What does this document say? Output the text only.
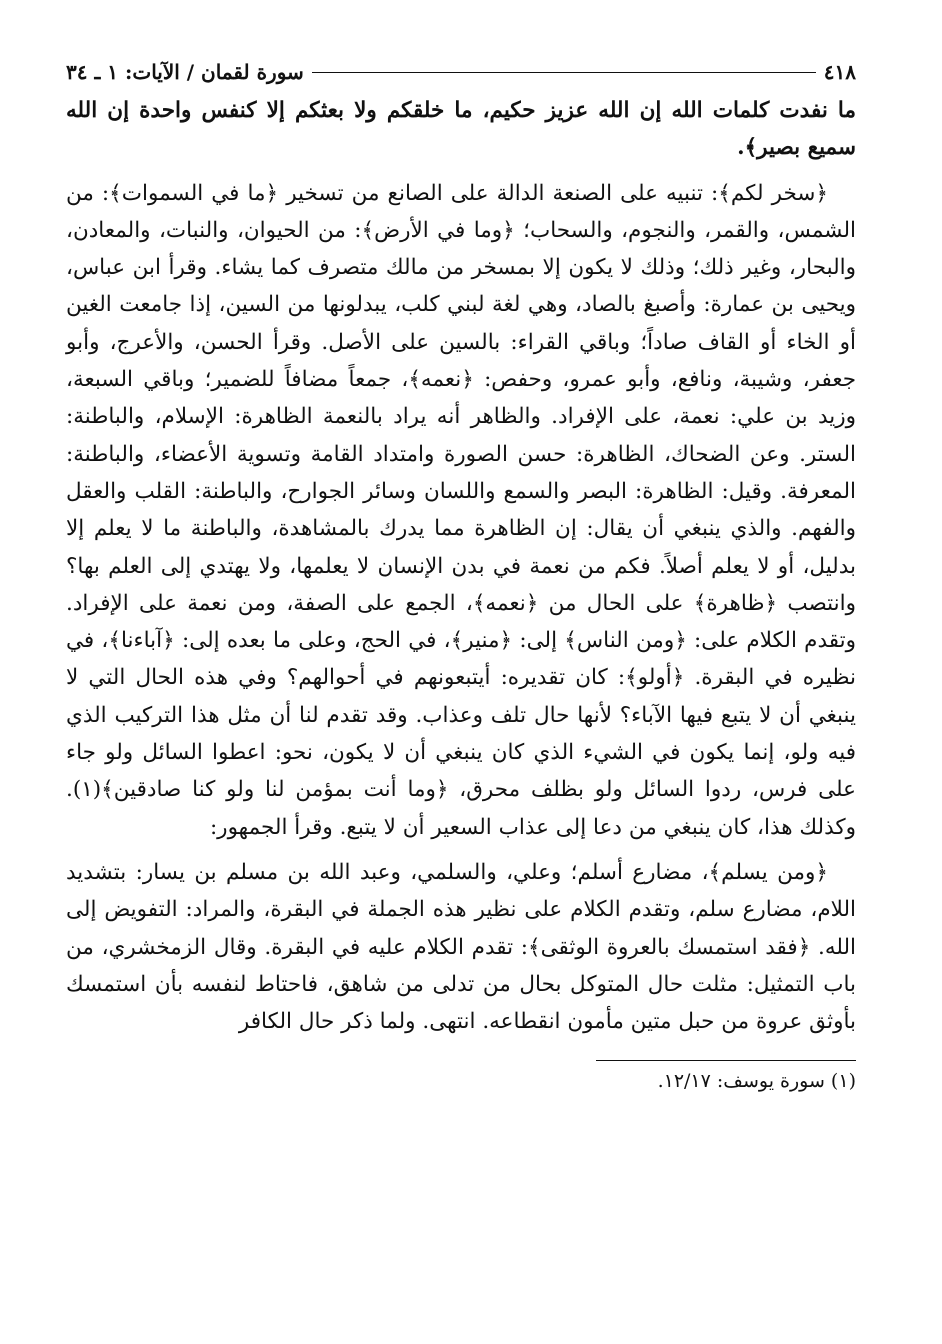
٤١٨
سورة لقمان / الآيات: ١ ـ ٣٤

ما نفدت كلمات الله إن الله عزيز حكيم، ما خلقكم ولا بعثكم إلا كنفس واحدة إن الله سميع بصير﴾.

﴿سخر لكم﴾: تنبيه على الصنعة الدالة على الصانع من تسخير ﴿ما في السموات﴾: من الشمس، والقمر، والنجوم، والسحاب؛ ﴿وما في الأرض﴾: من الحيوان، والنبات، والمعادن، والبحار، وغير ذلك؛ وذلك لا يكون إلا بمسخر من مالك متصرف كما يشاء. وقرأ ابن عباس، ويحيى بن عمارة: وأصبغ بالصاد، وهي لغة لبني كلب، يبدلونها من السين، إذا جامعت الغين أو الخاء أو القاف صاداً؛ وباقي القراء: بالسين على الأصل. وقرأ الحسن، والأعرج، وأبو جعفر، وشيبة، ونافع، وأبو عمرو، وحفص: ﴿نعمه﴾، جمعاً مضافاً للضمير؛ وباقي السبعة، وزيد بن علي: نعمة، على الإفراد. والظاهر أنه يراد بالنعمة الظاهرة: الإسلام، والباطنة: الستر. وعن الضحاك، الظاهرة: حسن الصورة وامتداد القامة وتسوية الأعضاء، والباطنة: المعرفة. وقيل: الظاهرة: البصر والسمع واللسان وسائر الجوارح، والباطنة: القلب والعقل والفهم. والذي ينبغي أن يقال: إن الظاهرة مما يدرك بالمشاهدة، والباطنة ما لا يعلم إلا بدليل، أو لا يعلم أصلاً. فكم من نعمة في بدن الإنسان لا يعلمها، ولا يهتدي إلى العلم بها؟ وانتصب ﴿ظاهرة﴾ على الحال من ﴿نعمه﴾، الجمع على الصفة، ومن نعمة على الإفراد. وتقدم الكلام على: ﴿ومن الناس﴾ إلى: ﴿منير﴾، في الحج، وعلى ما بعده إلى: ﴿آباءنا﴾، في نظيره في البقرة. ﴿أولو﴾: كان تقديره: أيتبعونهم في أحوالهم؟ وفي هذه الحال التي لا ينبغي أن لا يتبع فيها الآباء؟ لأنها حال تلف وعذاب. وقد تقدم لنا أن مثل هذا التركيب الذي فيه ولو، إنما يكون في الشيء الذي كان ينبغي أن لا يكون، نحو: اعطوا السائل ولو جاء على فرس، ردوا السائل ولو بظلف محرق، ﴿وما أنت بمؤمن لنا ولو كنا صادقين﴾(١). وكذلك هذا، كان ينبغي من دعا إلى عذاب السعير أن لا يتبع. وقرأ الجمهور:

﴿ومن يسلم﴾، مضارع أسلم؛ وعلي، والسلمي، وعبد الله بن مسلم بن يسار: بتشديد اللام، مضارع سلم، وتقدم الكلام على نظير هذه الجملة في البقرة، والمراد: التفويض إلى الله. ﴿فقد استمسك بالعروة الوثقى﴾: تقدم الكلام عليه في البقرة. وقال الزمخشري، من باب التمثيل: مثلت حال المتوكل بحال من تدلى من شاهق، فاحتاط لنفسه بأن استمسك بأوثق عروة من حبل متين مأمون انقطاعه. انتهى. ولما ذكر حال الكافر

(١) سورة يوسف: ١٢/١٧.
